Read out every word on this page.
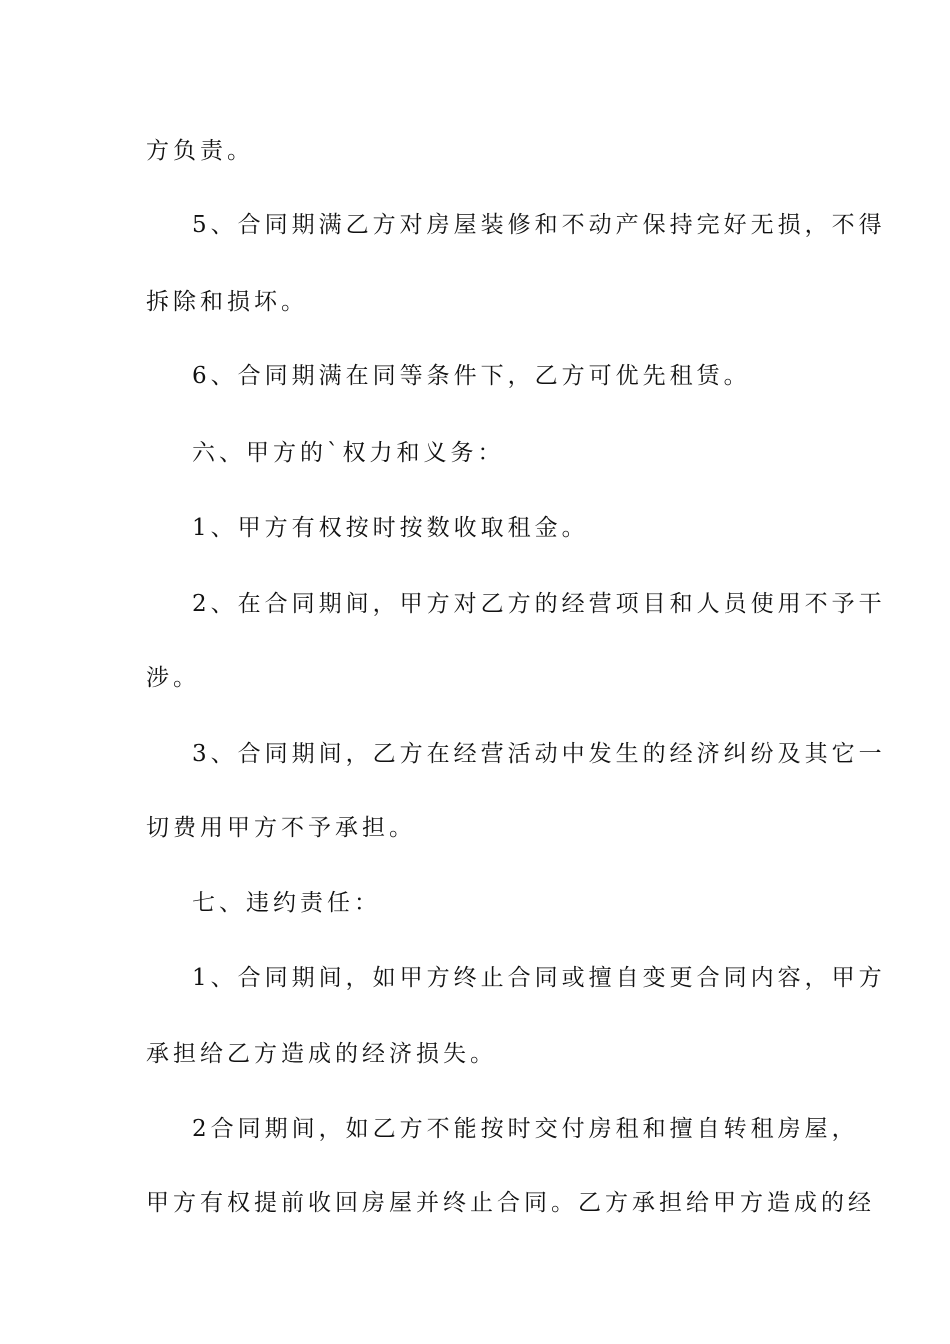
方负责。
5、合同期满乙方对房屋装修和不动产保持完好无损，不得
拆除和损坏。
6、合同期满在同等条件下，乙方可优先租赁。
六、甲方的`权力和义务：
1、甲方有权按时按数收取租金。
2、在合同期间，甲方对乙方的经营项目和人员使用不予干
涉。
3、合同期间，乙方在经营活动中发生的经济纠纷及其它一
切费用甲方不予承担。
七、违约责任：
1、合同期间，如甲方终止合同或擅自变更合同内容，甲方
承担给乙方造成的经济损失。
2合同期间，如乙方不能按时交付房租和擅自转租房屋，
甲方有权提前收回房屋并终止合同。乙方承担给甲方造成的经
